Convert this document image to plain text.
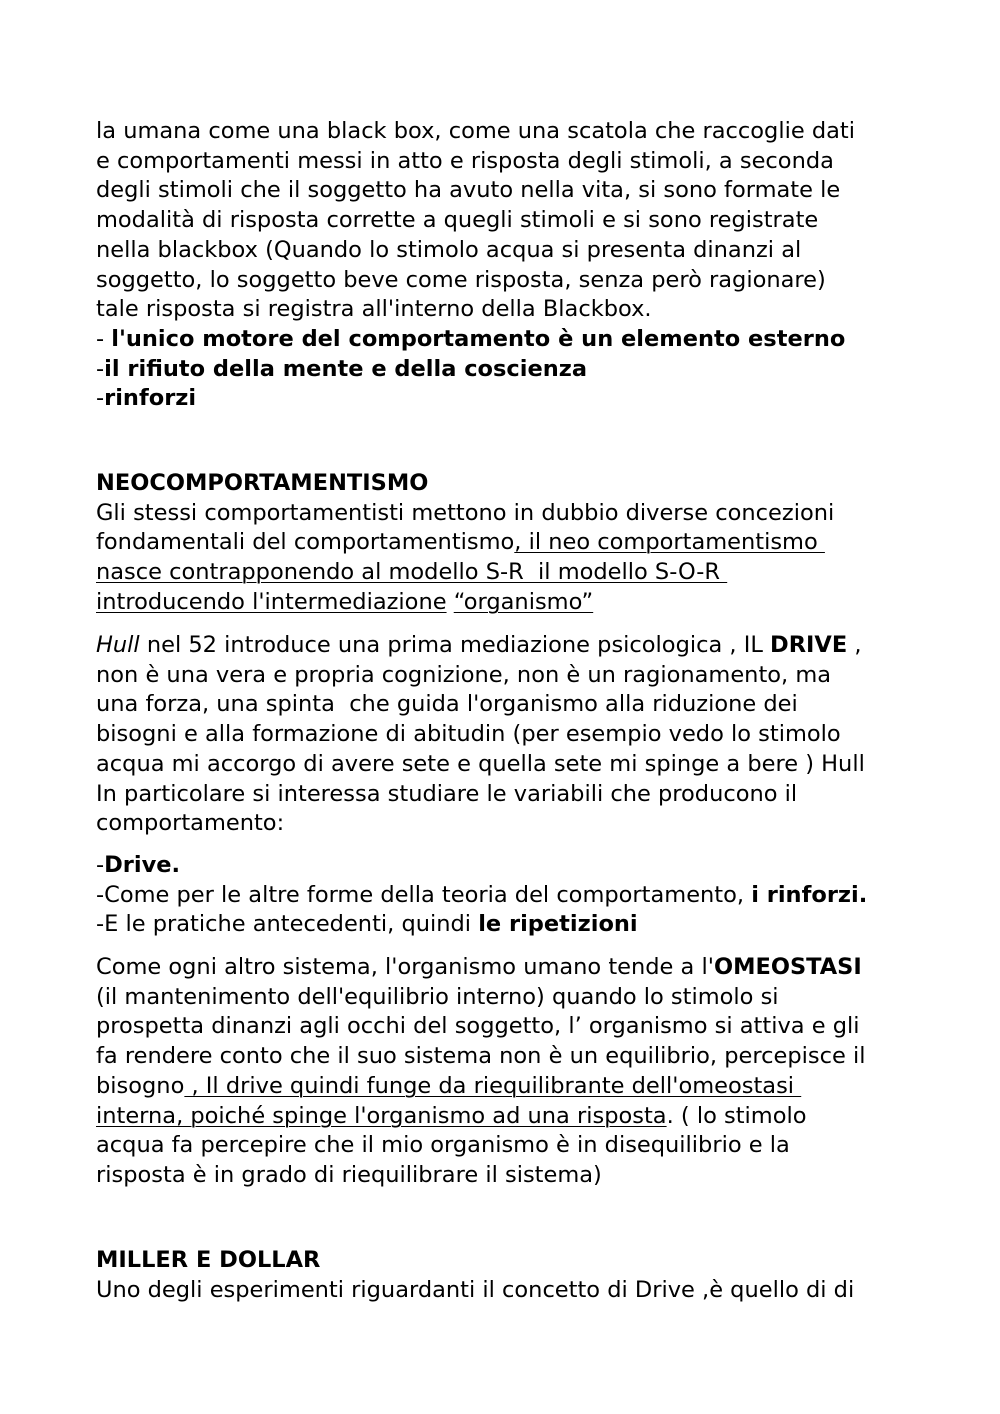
la umana come una black box, come una scatola che raccoglie dati

e comportamenti messi in atto e risposta degli stimoli, a seconda

degli stimoli che il soggetto ha avuto nella vita, si sono formate le

modalità di risposta corrette a quegli stimoli e si sono registrate

nella blackbox (Quando lo stimolo acqua si presenta dinanzi al

soggetto, lo soggetto beve come risposta, senza però ragionare)

tale risposta si registra all'interno della Blackbox.

- l'unico motore del comportamento è un elemento esterno

-il rifiuto della mente e della coscienza

-rinforzi

NEOCOMPORTAMENTISMO

Gli stessi comportamentisti mettono in dubbio diverse concezioni

fondamentali del comportamentismo, il neo comportamentismo

nasce contrapponendo al modello S-R  il modello S-O-R

introducendo l'intermediazione “organismo”

Hull nel 52 introduce una prima mediazione psicologica , IL DRIVE ,

non è una vera e propria cognizione, non è un ragionamento, ma

una forza, una spinta  che guida l'organismo alla riduzione dei

bisogni e alla formazione di abitudin (per esempio vedo lo stimolo

acqua mi accorgo di avere sete e quella sete mi spinge a bere ) Hull

In particolare si interessa studiare le variabili che producono il

comportamento:

-Drive.

-Come per le altre forme della teoria del comportamento, i rinforzi.

-E le pratiche antecedenti, quindi le ripetizioni

Come ogni altro sistema, l'organismo umano tende a l'OMEOSTASI

(il mantenimento dell'equilibrio interno) quando lo stimolo si

prospetta dinanzi agli occhi del soggetto, l’ organismo si attiva e gli

fa rendere conto che il suo sistema non è un equilibrio, percepisce il

bisogno , Il drive quindi funge da riequilibrante dell'omeostasi

interna, poiché spinge l'organismo ad una risposta. ( lo stimolo

acqua fa percepire che il mio organismo è in disequilibrio e la

risposta è in grado di riequilibrare il sistema)

MILLER E DOLLAR

Uno degli esperimenti riguardanti il concetto di Drive ,è quello di di
